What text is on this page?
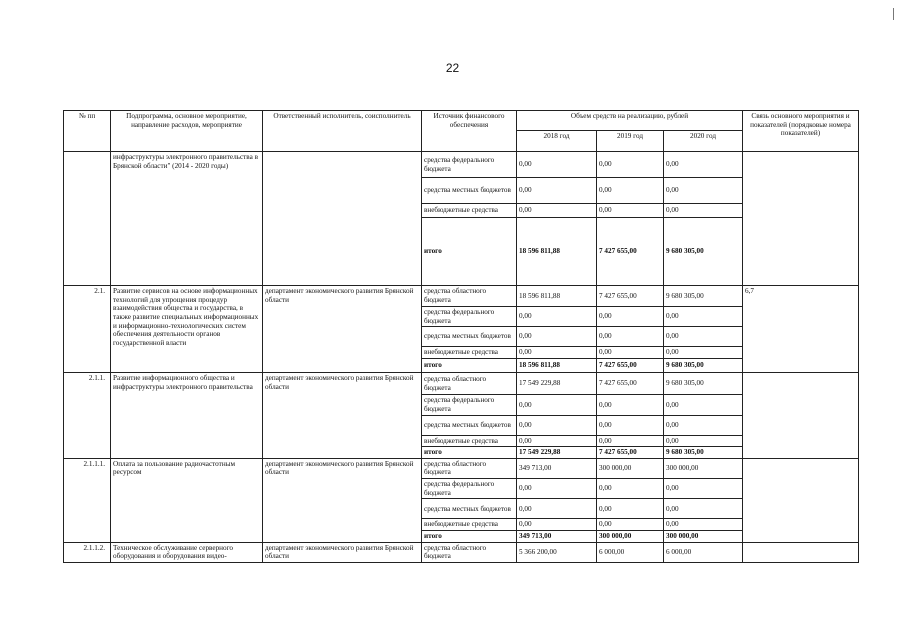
22
№ пп	Подпрограмма, основное мероприятие, направление расходов, мероприятие	Ответственный исполнитель, соисполнитель	Источник финансового обеспечения	Объем средств на реализацию, рублей			Связь основного мероприятия и показателей (порядковые номера показателей)
				2018 год	2019 год	2020 год	
	инфраструктуры электронного правительства в Брянской области" (2014 - 2020 годы)		средства федерального бюджета	0,00	0,00	0,00	
			средства местных бюджетов	0,00	0,00	0,00	
			внебюджетные средства	0,00	0,00	0,00	
			итого	18 596 811,88	7 427 655,00	9 680 305,00	
2.1.	Развитие сервисов на основе информационных технологий для упрощения процедур взаимодействия общества и государства, в также развитие специальных информационных и информационно-технологических систем обеспечения деятельности органов государственной власти	департамент экономического развития Брянской области	средства областного бюджета	18 596 811,88	7 427 655,00	9 680 305,00	6,7
			средства федерального бюджета	0,00	0,00	0,00	
			средства местных бюджетов	0,00	0,00	0,00	
			внебюджетные средства	0,00	0,00	0,00	
			итого	18 596 811,88	7 427 655,00	9 680 305,00	
2.1.1.	Развитие информационного общества и инфраструктуры электронного правительства	департамент экономического развития Брянской области	средства областного бюджета	17 549 229,88	7 427 655,00	9 680 305,00	
			средства федерального бюджета	0,00	0,00	0,00	
			средства местных бюджетов	0,00	0,00	0,00	
			внебюджетные средства	0,00	0,00	0,00	
			итого	17 549 229,88	7 427 655,00	9 680 305,00	
2.1.1.1.	Оплата за пользование радиочастотным ресурсом	департамент экономического развития Брянской области	средства областного бюджета	349 713,00	300 000,00	300 000,00	
			средства федерального бюджета	0,00	0,00	0,00	
			средства местных бюджетов	0,00	0,00	0,00	
			внебюджетные средства	0,00	0,00	0,00	
			итого	349 713,00	300 000,00	300 000,00	
2.1.1.2.	Техническое обслуживание серверного оборудования и оборудования видео-	департамент экономического развития Брянской области	средства областного бюджета	5 366 200,00	6 000,00	6 000,00	
